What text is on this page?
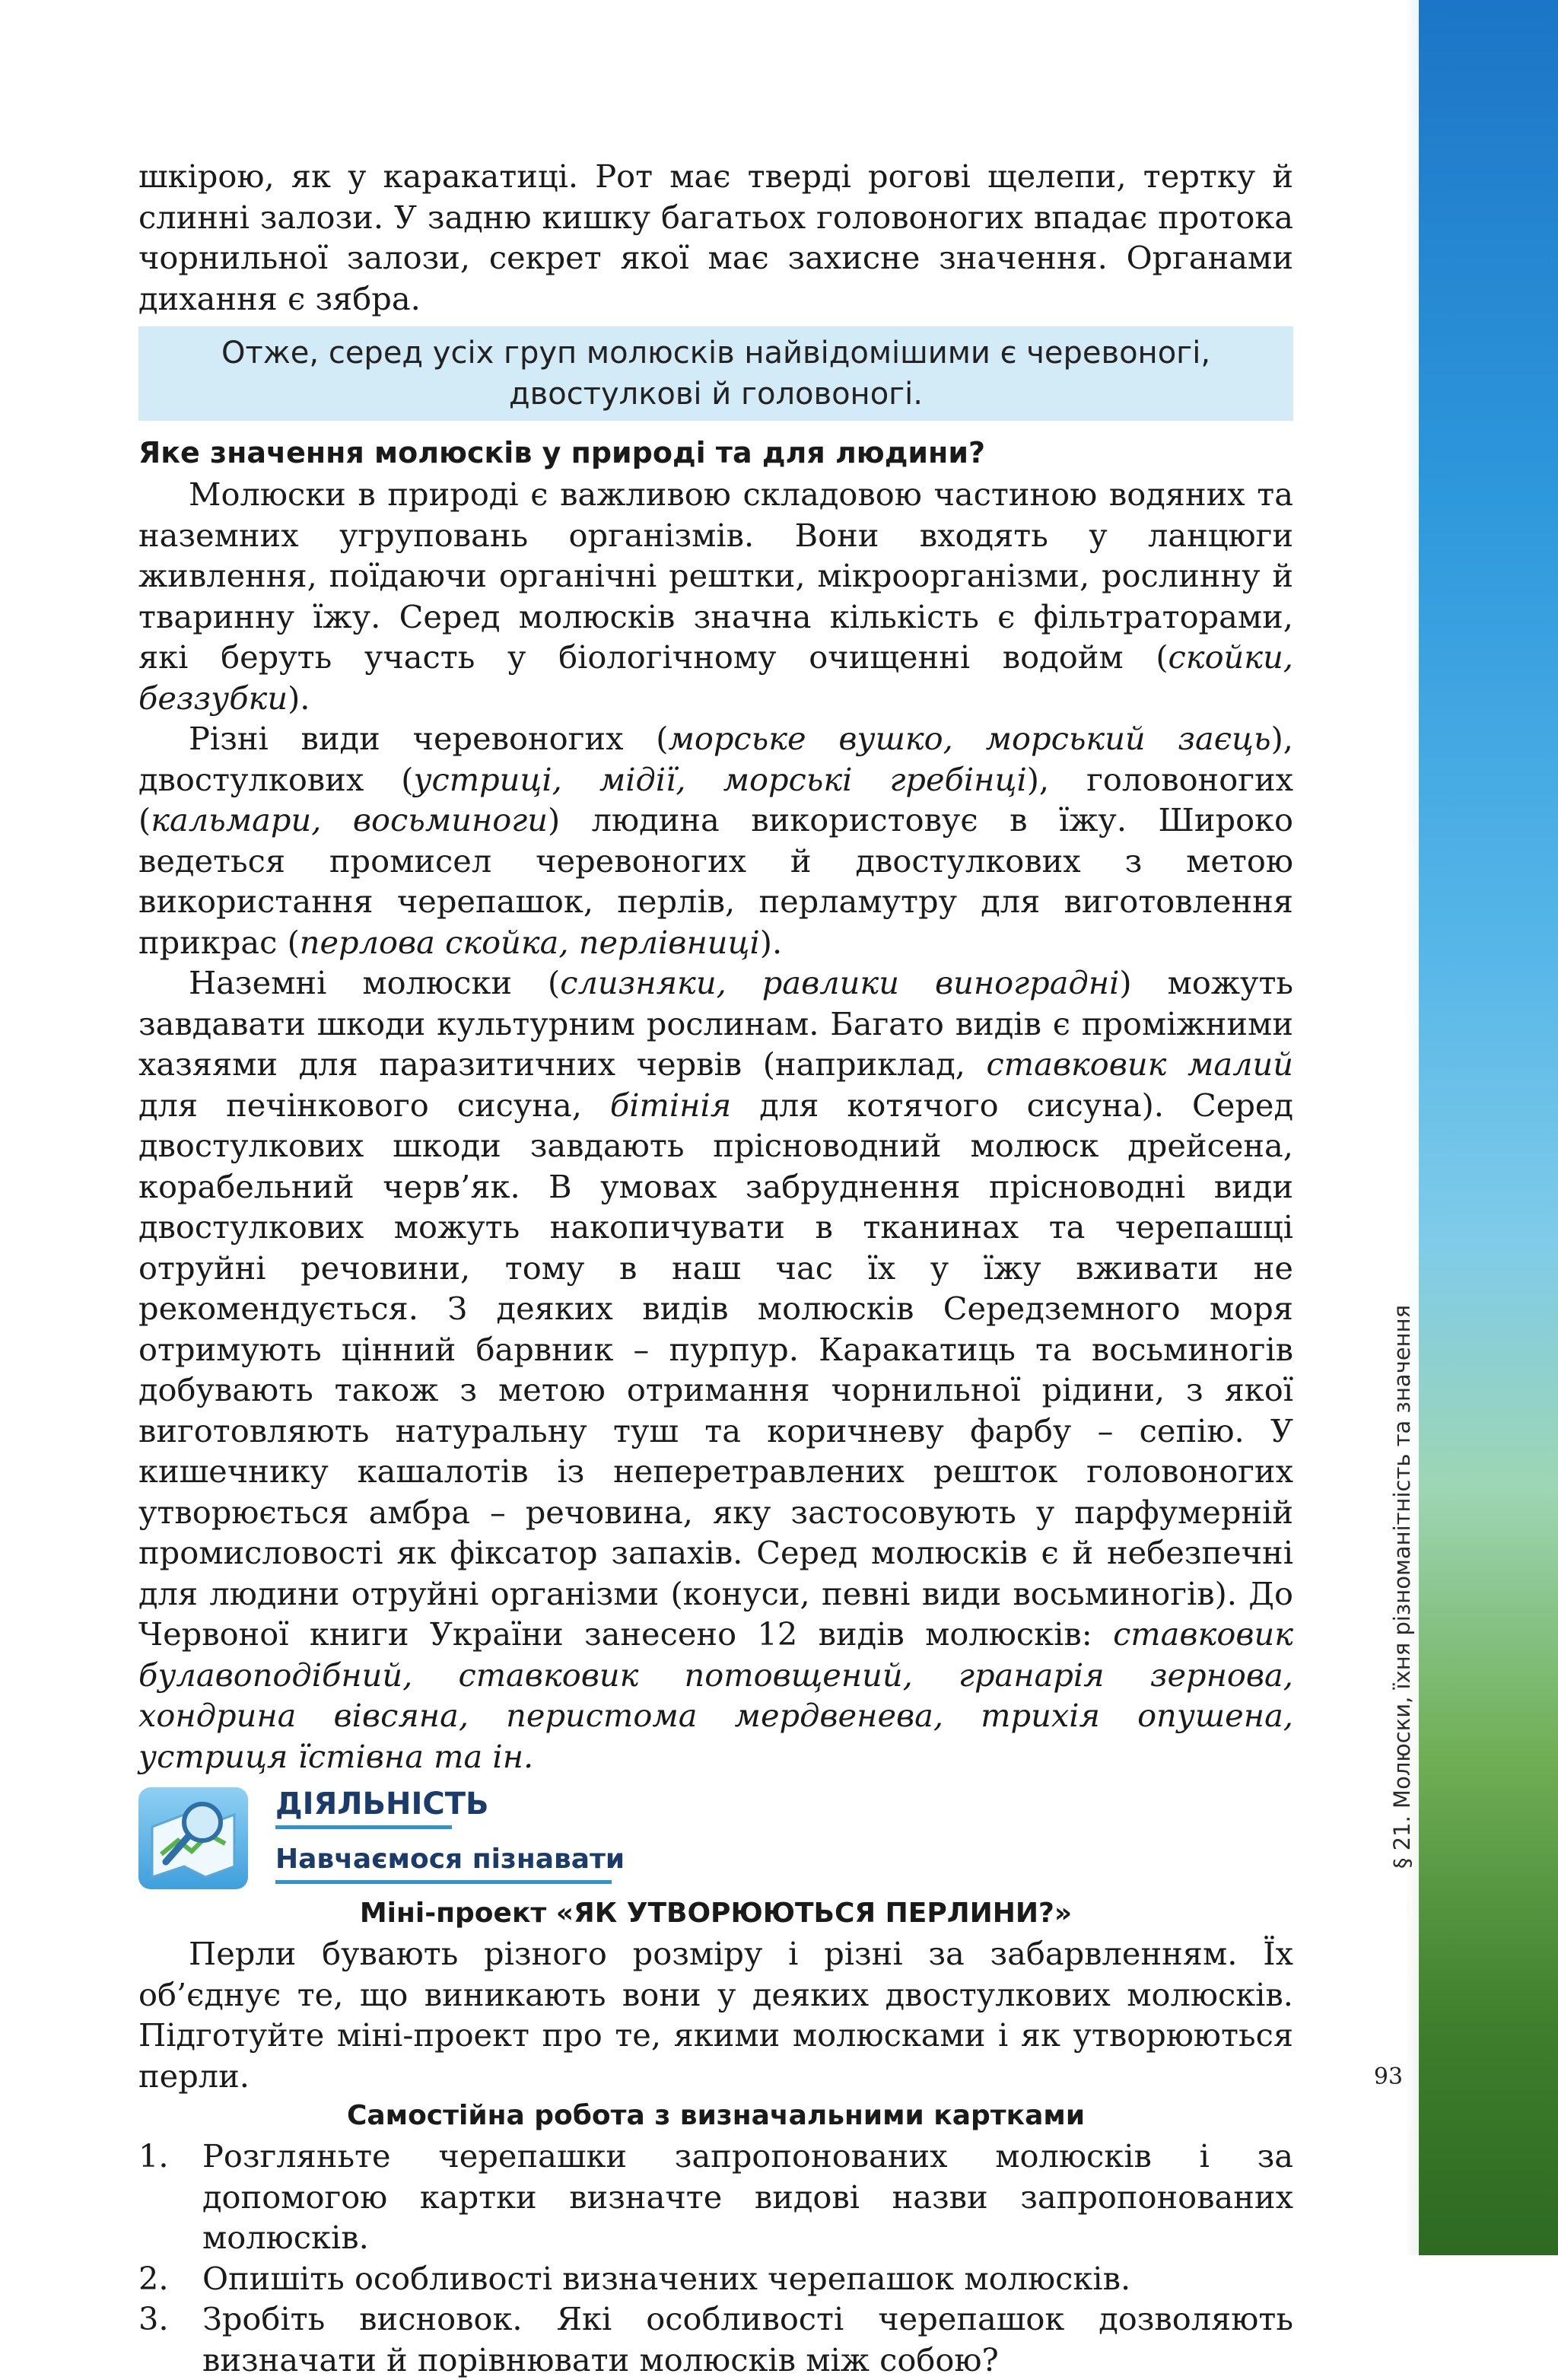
§ 21. Молюски, їхня різноманітність та значення
93

шкірою, як у каракатиці. Рот має тверді рогові щелепи, тертку й слинні залози. У задню кишку багатьох головоногих впадає протока чорнильної залози, секрет якої має захисне значення. Органами дихання є зябра.

Отже, серед усіх груп молюсків найвідомішими є черевоногі, двостулкові й головоногі.

Яке значення молюсків у природі та для людини?

Молюски в природі є важливою складовою частиною водяних та наземних угруповань організмів. Вони входять у ланцюги живлення, поїдаючи органічні рештки, мікроорганізми, рослинну й тваринну їжу. Серед молюсків значна кількість є фільтраторами, які беруть участь у біологічному очищенні водойм (скойки, беззубки).

Різні види черевоногих (морське вушко, морський заєць), двостулкових (устриці, мідії, морські гребінці), головоногих (кальмари, восьминоги) людина використовує в їжу. Широко ведеться промисел черевоногих й двостулкових з метою використання черепашок, перлів, перламутру для виготовлення прикрас (перлова скойка, перлівниці).

Наземні молюски (слизняки, равлики виноградні) можуть завдавати шкоди культурним рослинам. Багато видів є проміжними хазяями для паразитичних червів (наприклад, ставковик малий для печінкового сисуна, бітінія для котячого сисуна). Серед двостулкових шкоди завдають прісноводний молюск дрейсена, корабельний черв’як. В умовах забруднення прісноводні види двостулкових можуть накопичувати в тканинах та черепашці отруйні речовини, тому в наш час їх у їжу вживати не рекомендується. З деяких видів молюсків Середземного моря отримують цінний барвник – пурпур. Каракатиць та восьминогів добувають також з метою отримання чорнильної рідини, з якої виготовляють натуральну туш та коричневу фарбу – сепію. У кишечнику кашалотів із неперетравлених решток головоногих утворюється амбра – речовина, яку застосовують у парфумерній промисловості як фіксатор запахів. Серед молюсків є й небезпечні для людини отруйні організми (конуси, певні види восьминогів). До Червоної книги України занесено 12 видів молюсків: ставковик булавоподібний, ставковик потовщений, гранарія зернова, хондрина вівсяна, перистома мердвенева, трихія опушена, устриця їстівна та ін.

ДІЯЛЬНІСТЬ
Навчаємося пізнавати

Міні-проект «ЯК УТВОРЮЮТЬСЯ ПЕРЛИНИ?»

Перли бувають різного розміру і різні за забарвленням. Їх об’єднує те, що виникають вони у деяких двостулкових молюсків. Підготуйте міні-проект про те, якими молюсками і як утворюються перли.

Самостійна робота з визначальними картками

1. Розгляньте черепашки запропонованих молюсків і за допомогою картки визначте видові назви запропонованих молюсків.
2. Опишіть особливості визначених черепашок молюсків.
3. Зробіть висновок. Які особливості черепашок дозволяють визначати й порівнювати молюсків між собою?
